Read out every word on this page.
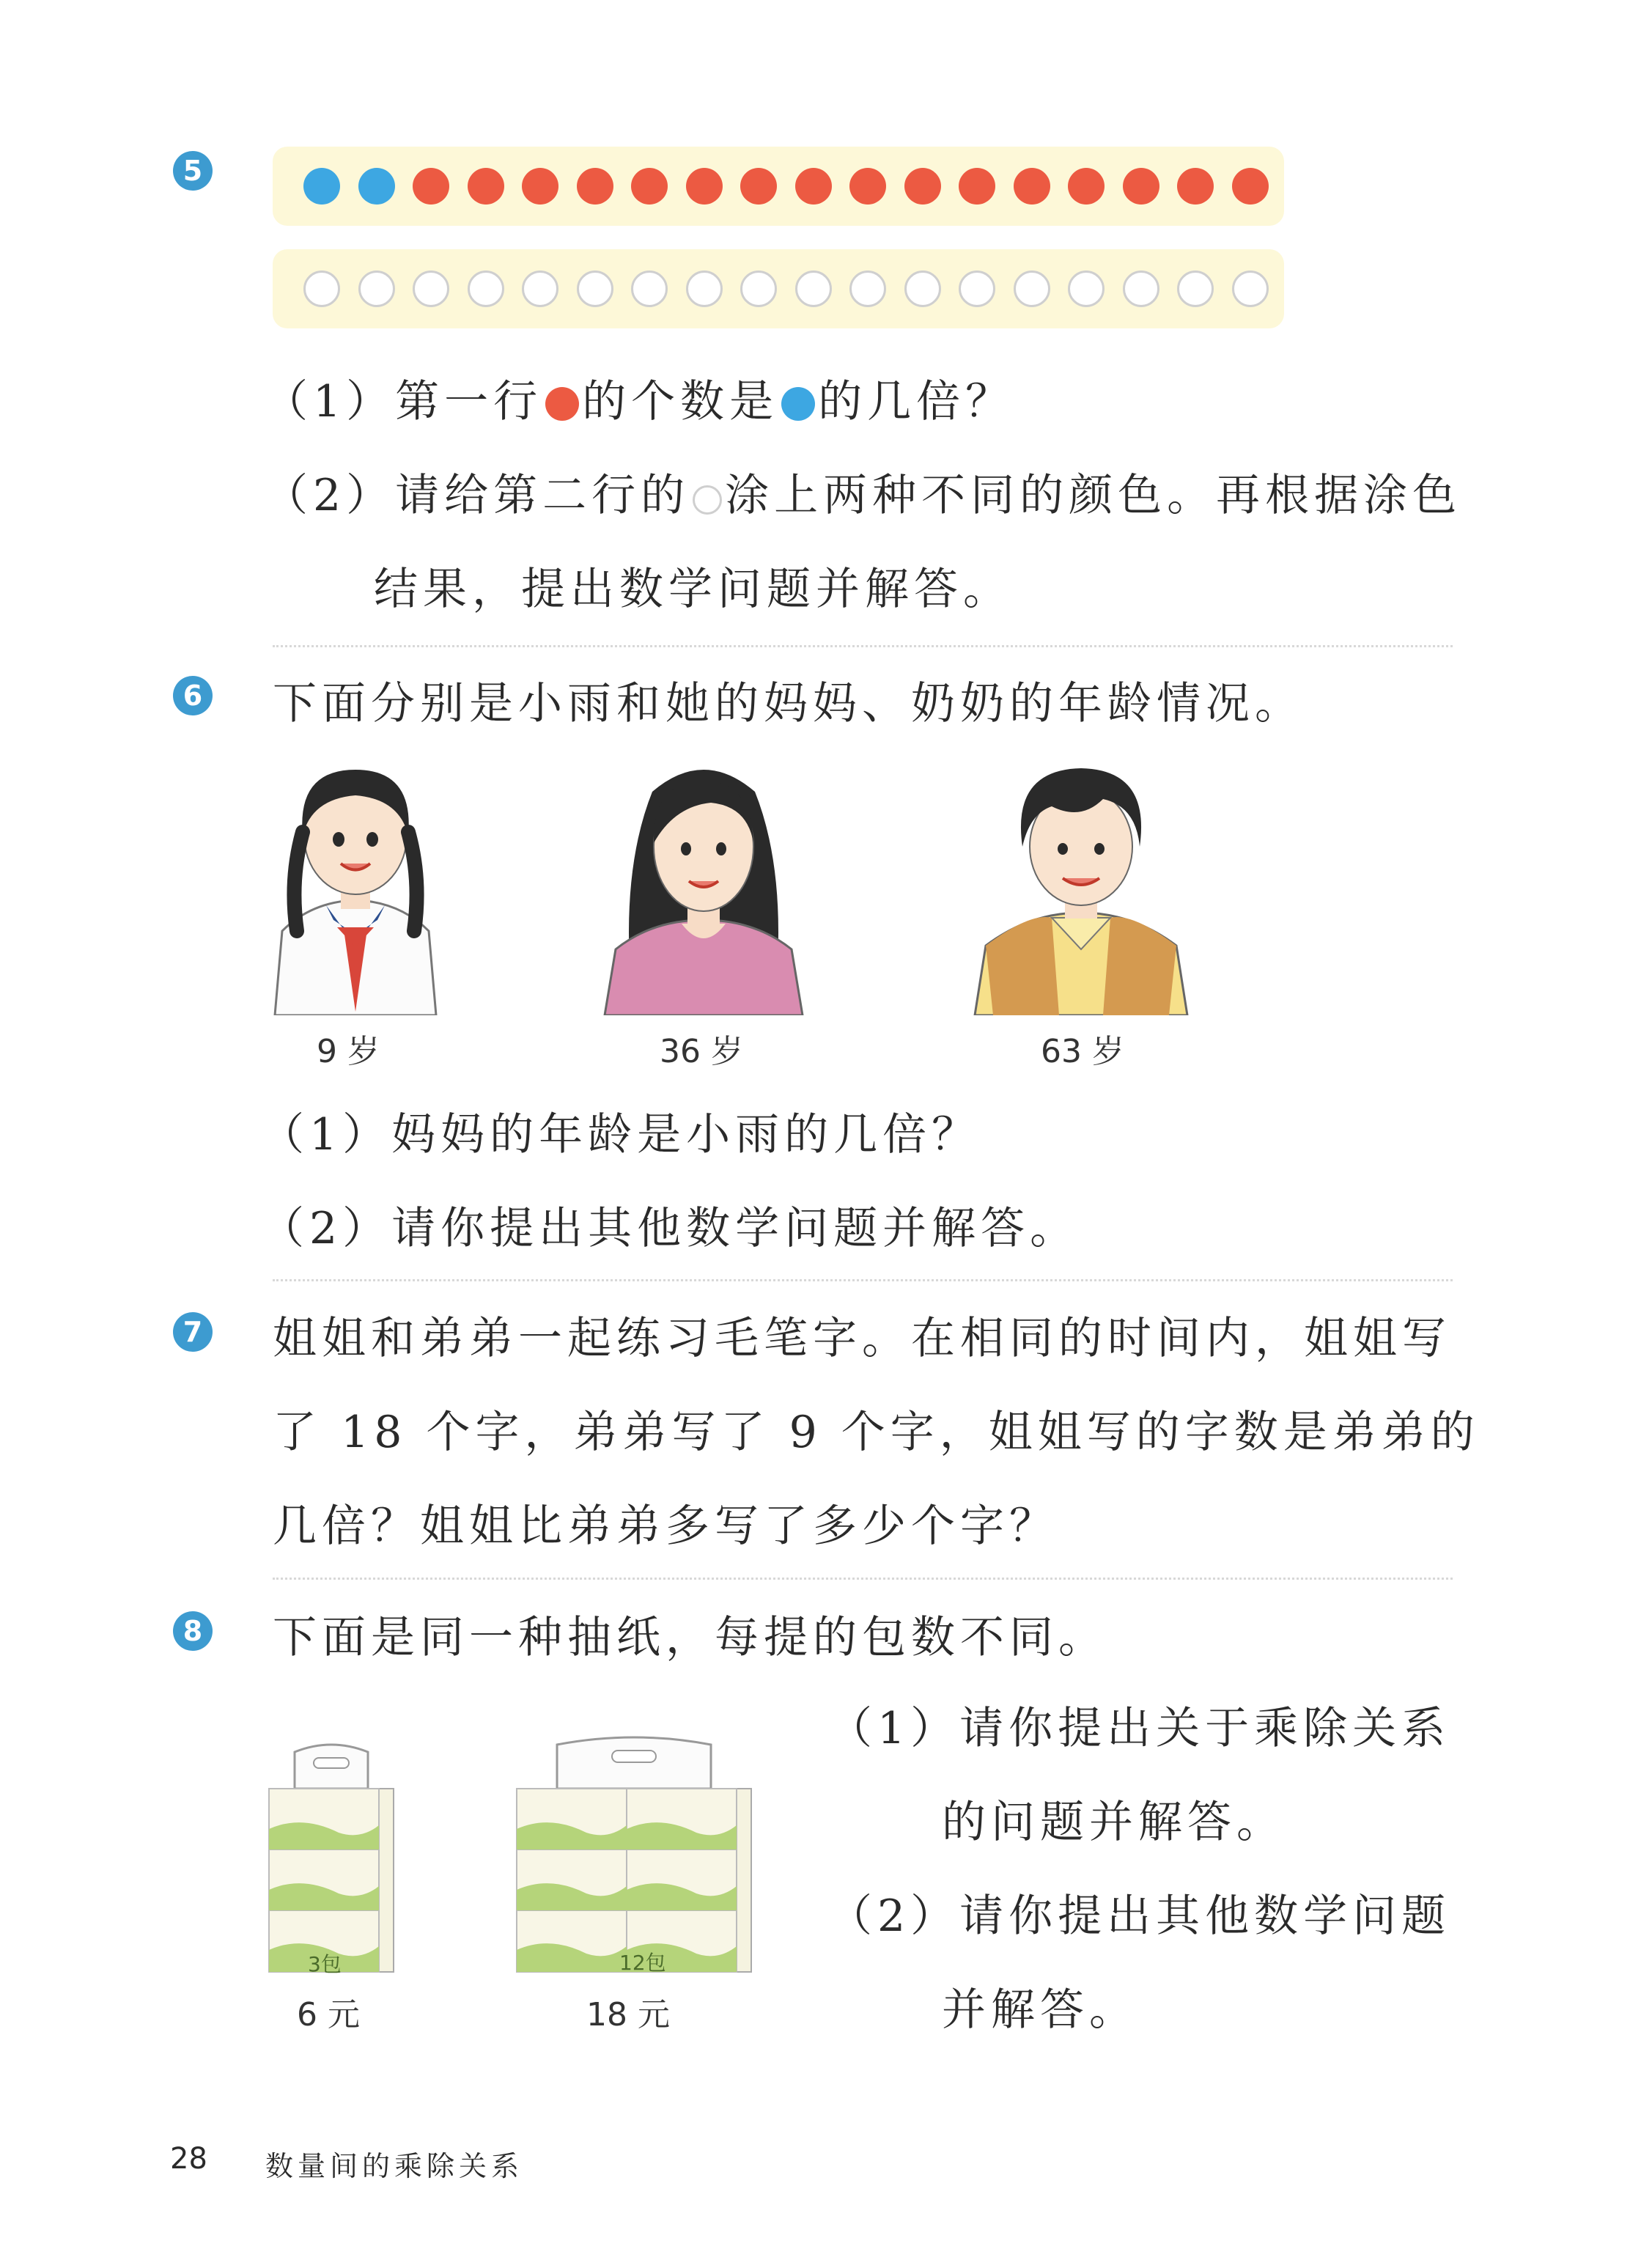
5
（1）第一行 的个数是 的几倍？
（2）请给第二行的 涂上两种不同的颜色。再根据涂色
结果，提出数学问题并解答。
6 下面分别是小雨和她的妈妈、奶奶的年龄情况。
9 岁	36 岁	63 岁
（1）妈妈的年龄是小雨的几倍？
（2）请你提出其他数学问题并解答。
7 姐姐和弟弟一起练习毛笔字。在相同的时间内，姐姐写
了 18 个字，弟弟写了 9 个字，姐姐写的字数是弟弟的
几倍？姐姐比弟弟多写了多少个字？
8 下面是同一种抽纸，每提的包数不同。
3包
6 元
12包
18 元
（1）请你提出关于乘除关系
的问题并解答。
（2）请你提出其他数学问题
并解答。
28 数量间的乘除关系
